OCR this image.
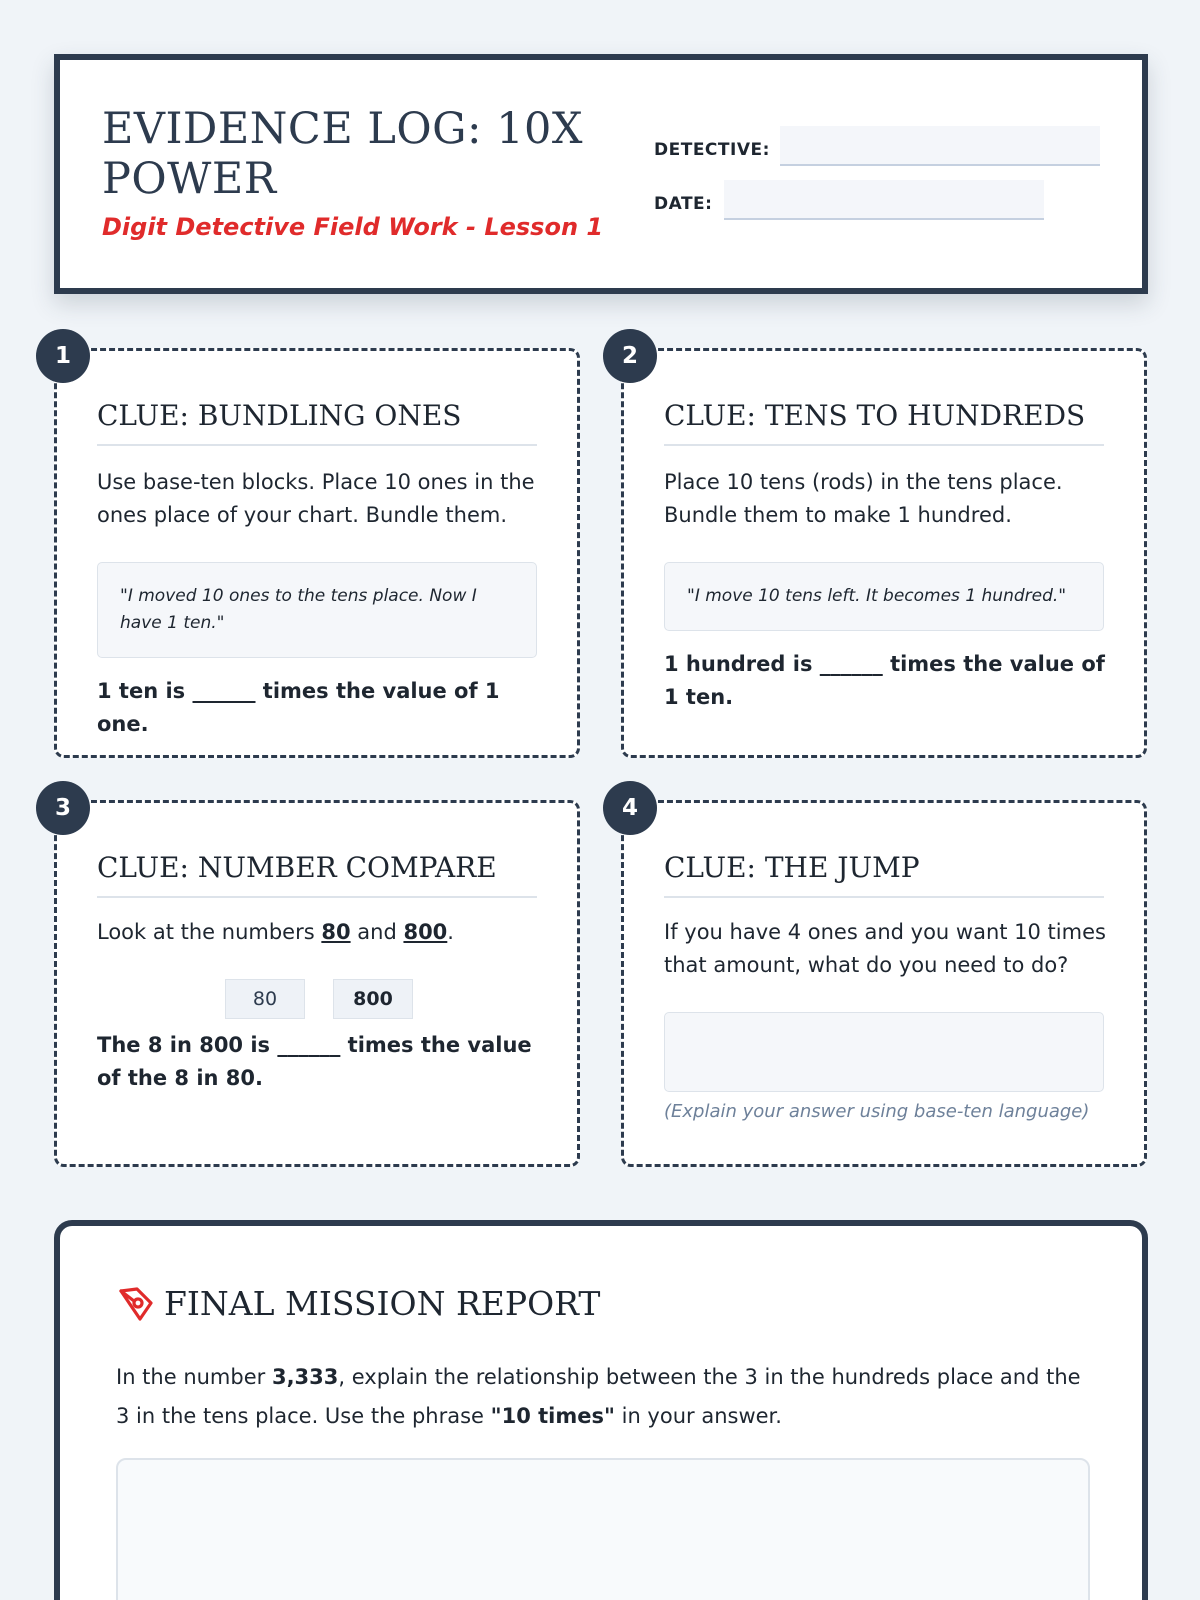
EVIDENCE LOG: 10X POWER
Digit Detective Field Work - Lesson 1
DETECTIVE:
DATE:
CLUE: BUNDLING ONES
Use base-ten blocks. Place 10 ones in the ones place of your chart. Bundle them.
"I moved 10 ones to the tens place. Now I have 1 ten."
1 ten is ______ times the value of 1 one.
1
CLUE: TENS TO HUNDREDS
Place 10 tens (rods) in the tens place. Bundle them to make 1 hundred.
"I move 10 tens left. It becomes 1 hundred."
1 hundred is ______ times the value of 1 ten.
2
CLUE: NUMBER COMPARE
Look at the numbers 80 and 800.
80	800
The 8 in 800 is ______ times the value of the 8 in 80.
3
CLUE: THE JUMP
If you have 4 ones and you want 10 times that amount, what do you need to do?
(Explain your answer using base-ten language)
4
FINAL MISSION REPORT
In the number 3,333, explain the relationship between the 3 in the hundreds place and the 3 in the tens place. Use the phrase "10 times" in your answer.
